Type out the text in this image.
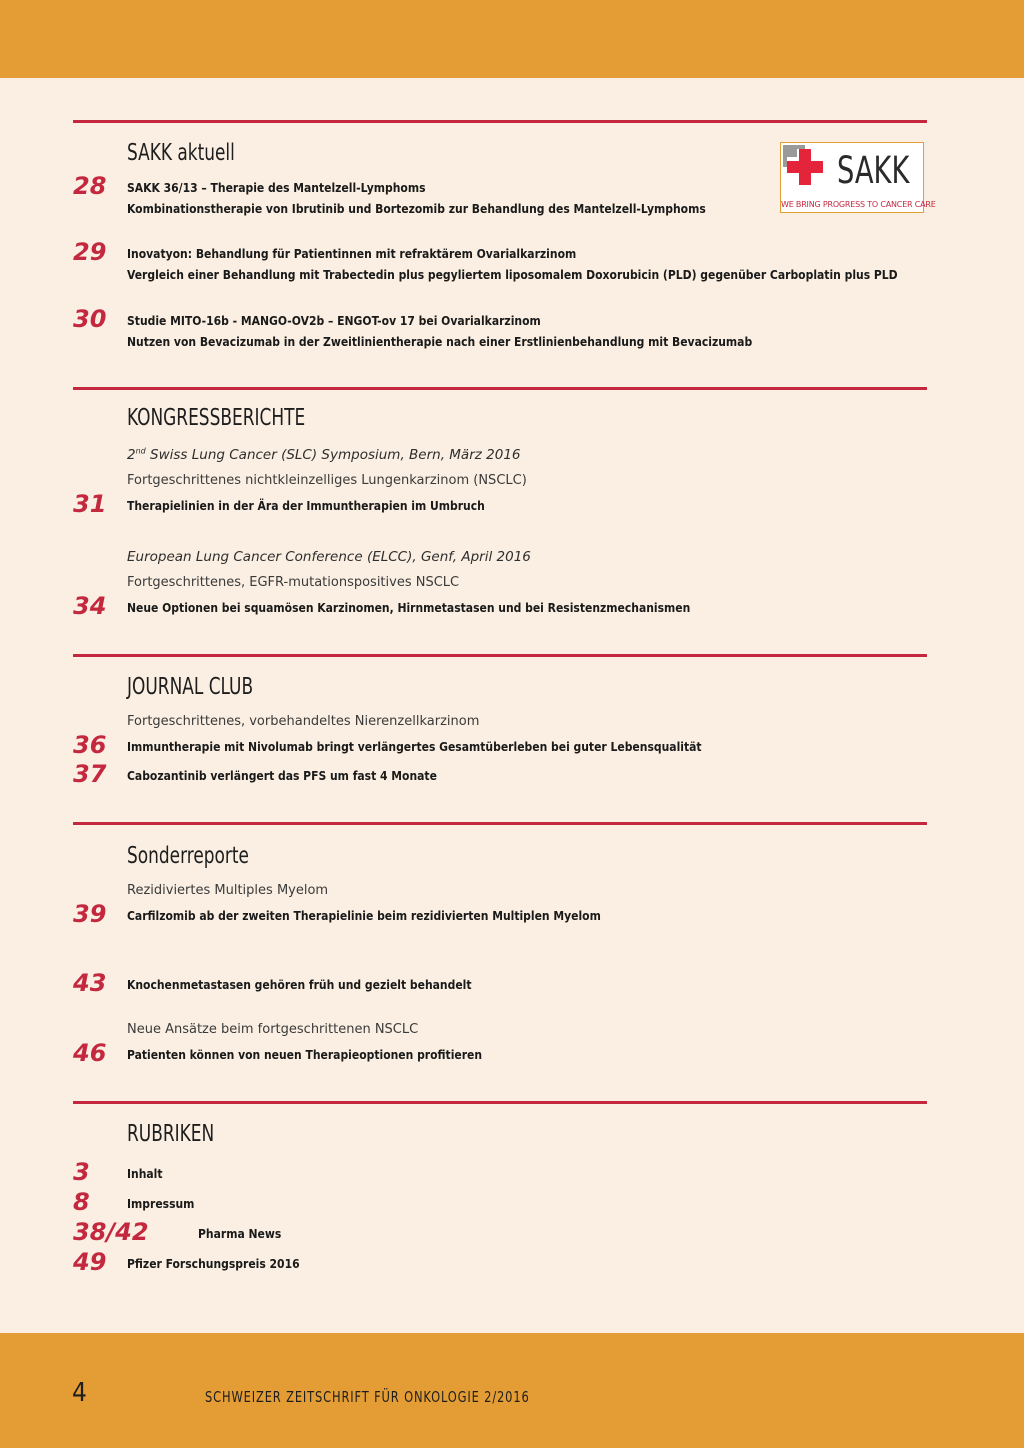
SAKK aktuell	SAKK
WE BRING PROGRESS TO CANCER CARE
28 SAKK 36/13 – Therapie des Mantelzell-Lymphoms
Kombinationstherapie von Ibrutinib und Bortezomib zur Behandlung des Mantelzell-Lymphoms
29 Inovatyon: Behandlung für Patientinnen mit refraktärem Ovarialkarzinom
Vergleich einer Behandlung mit Trabectedin plus pegyliertem liposomalem Doxorubicin (PLD) gegenüber Carboplatin plus PLD
30 Studie MITO-16b - MANGO-OV2b – ENGOT-ov 17 bei Ovarialkarzinom
Nutzen von Bevacizumab in der Zweitlinientherapie nach einer Erstlinienbehandlung mit Bevacizumab
KONGRESSBERICHTE
2nd Swiss Lung Cancer (SLC) Symposium, Bern, März 2016
Fortgeschrittenes nichtkleinzelliges Lungenkarzinom (NSCLC)
31 Therapielinien in der Ära der Immuntherapien im Umbruch
European Lung Cancer Conference (ELCC), Genf, April 2016
Fortgeschrittenes, EGFR-mutationspositives NSCLC
34 Neue Optionen bei squamösen Karzinomen, Hirnmetastasen und bei Resistenzmechanismen
JOURNAL CLUB
Fortgeschrittenes, vorbehandeltes Nierenzellkarzinom
36 Immuntherapie mit Nivolumab bringt verlängertes Gesamtüberleben bei guter Lebensqualität
37 Cabozantinib verlängert das PFS um fast 4 Monate
Sonderreporte
Rezidiviertes Multiples Myelom
39 Carfilzomib ab der zweiten Therapielinie beim rezidivierten Multiplen Myelom
43 Knochenmetastasen gehören früh und gezielt behandelt
Neue Ansätze beim fortgeschrittenen NSCLC
46 Patienten können von neuen Therapieoptionen profitieren
RUBRIKEN
3	Inhalt
8	Impressum
38/42	Pharma News
49 Pfizer Forschungspreis 2016
4	SCHWEIZER ZEITSCHRIFT FÜR ONKOLOGIE 2/2016
